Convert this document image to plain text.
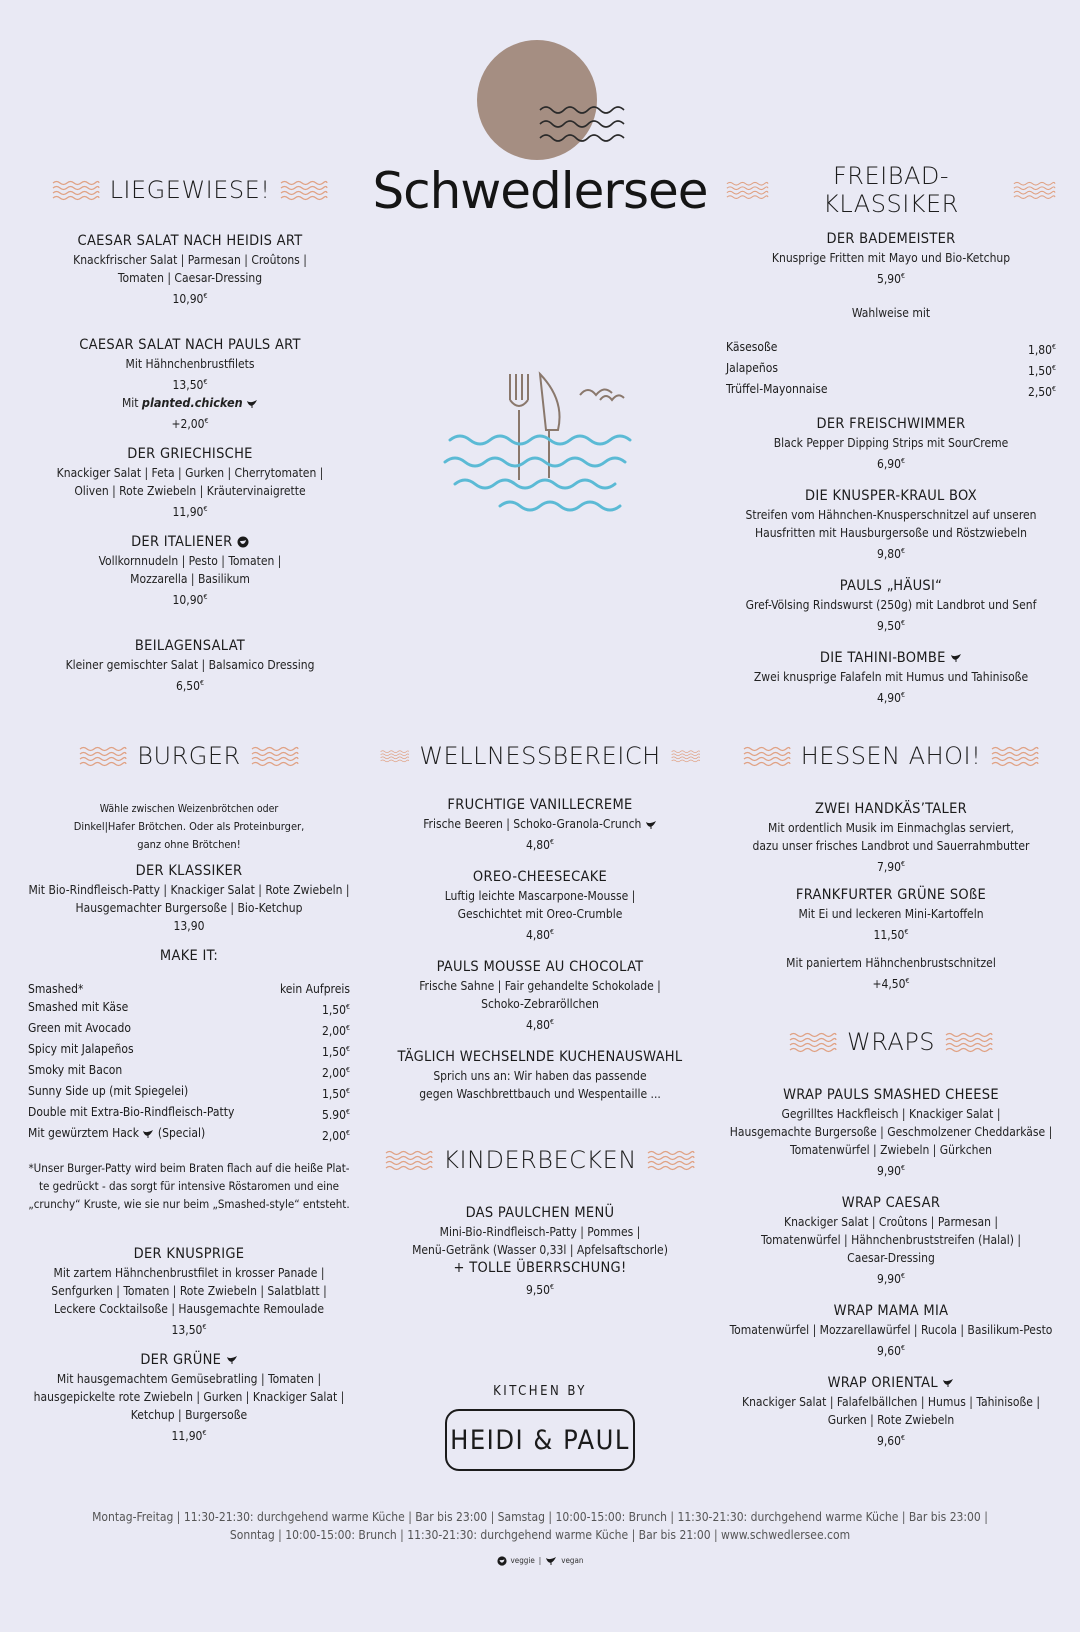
Schwedlersee
LIEGEWIESE!
CAESAR SALAT NACH HEIDIS ART
Knackfrischer Salat | Parmesan | Croûtons |
Tomaten | Caesar-Dressing
10,90€
CAESAR SALAT NACH PAULS ART
Mit Hähnchenbrustfilets
13,50€
Mit planted.chicken
+2,00€
DER GRIECHISCHE
Knackiger Salat | Feta | Gurken | Cherrytomaten |
Oliven | Rote Zwiebeln | Kräutervinaigrette
11,90€
DER ITALIENER
Vollkornnudeln | Pesto | Tomaten |
Mozzarella | Basilikum
10,90€
BEILAGENSALAT
Kleiner gemischter Salat | Balsamico Dressing
6,50€
FREIBAD-KLASSIKER
DER BADEMEISTER
Knusprige Fritten mit Mayo und Bio-Ketchup
5,90€
Wahlweise mit
Käsesoße	1,80€
Jalapeños	1,50€
Trüffel-Mayonnaise	2,50€
DER FREISCHWIMMER
Black Pepper Dipping Strips mit SourCreme
6,90€
DIE KNUSPER-KRAUL BOX
Streifen vom Hähnchen-Knusperschnitzel auf unseren
Hausfritten mit Hausburgersoße und Röstzwiebeln
9,80€
PAULS „HÄUSI“
Gref-Völsing Rindswurst (250g) mit Landbrot und Senf
9,50€
DIE TAHINI-BOMBE
Zwei knusprige Falafeln mit Humus und Tahinisoße
4,90€
BURGER
Wähle zwischen Weizenbrötchen oder
Dinkel|Hafer Brötchen. Oder als Proteinburger,
ganz ohne Brötchen!
DER KLASSIKER
Mit Bio-Rindfleisch-Patty | Knackiger Salat | Rote Zwiebeln |
Hausgemachter Burgersoße | Bio-Ketchup
13,90
MAKE IT:
Smashed*	kein Aufpreis
Smashed mit Käse	1,50€
Green mit Avocado	2,00€
Spicy mit Jalapeños	1,50€
Smoky mit Bacon	2,00€
Sunny Side up (mit Spiegelei)	1,50€
Double mit Extra-Bio-Rindfleisch-Patty	5.90€
Mit gewürztem Hack (Special)	2,00€
*Unser Burger-Patty wird beim Braten flach auf die heiße Plat-
te gedrückt - das sorgt für intensive Röstaromen und eine
„crunchy“ Kruste, wie sie nur beim „Smashed-style“ entsteht.
DER KNUSPRIGE
Mit zartem Hähnchenbrustfilet in krosser Panade |
Senfgurken | Tomaten | Rote Zwiebeln | Salatblatt |
Leckere Cocktailsoße | Hausgemachte Remoulade
13,50€
DER GRÜNE
Mit hausgemachtem Gemüsebratling | Tomaten |
hausgepickelte rote Zwiebeln | Gurken | Knackiger Salat |
Ketchup | Burgersoße
11,90€
WELLNESSBEREICH
FRUCHTIGE VANILLECREME
Frische Beeren | Schoko-Granola-Crunch
4,80€
OREO-CHEESECAKE
Luftig leichte Mascarpone-Mousse |
Geschichtet mit Oreo-Crumble
4,80€
PAULS MOUSSE AU CHOCOLAT
Frische Sahne | Fair gehandelte Schokolade |
Schoko-Zebraröllchen
4,80€
TÄGLICH WECHSELNDE KUCHENAUSWAHL
Sprich uns an: Wir haben das passende
gegen Waschbrettbauch und Wespentaille ...
KINDERBECKEN
DAS PAULCHEN MENÜ
Mini-Bio-Rindfleisch-Patty | Pommes |
Menü-Getränk (Wasser 0,33l | Apfelsaftschorle)
+ TOLLE ÜBERRSCHUNG!
9,50€
KITCHEN BY
HEIDI & PAUL
HESSEN AHOI!
ZWEI HANDKÄS’TALER
Mit ordentlich Musik im Einmachglas serviert,
dazu unser frisches Landbrot und Sauerrahmbutter
7,90€
FRANKFURTER GRÜNE SOßE
Mit Ei und leckeren Mini-Kartoffeln
11,50€
Mit paniertem Hähnchenbrustschnitzel
+4,50€
WRAPS
WRAP PAULS SMASHED CHEESE
Gegrilltes Hackfleisch | Knackiger Salat |
Hausgemachte Burgersoße | Geschmolzener Cheddarkäse |
Tomatenwürfel | Zwiebeln | Gürkchen
9,90€
WRAP CAESAR
Knackiger Salat | Croûtons | Parmesan |
Tomatenwürfel | Hähnchenbruststreifen (Halal) |
Caesar-Dressing
9,90€
WRAP MAMA MIA
Tomatenwürfel | Mozzarellawürfel | Rucola | Basilikum-Pesto
9,60€
WRAP ORIENTAL
Knackiger Salat | Falafelbällchen | Humus | Tahinisoße |
Gurken | Rote Zwiebeln
9,60€
Montag-Freitag | 11:30-21:30: durchgehend warme Küche | Bar bis 23:00 | Samstag | 10:00-15:00: Brunch | 11:30-21:30: durchgehend warme Küche | Bar bis 23:00 |
Sonntag | 10:00-15:00: Brunch | 11:30-21:30: durchgehend warme Küche | Bar bis 21:00 | www.schwedlersee.com
veggie |	vegan
